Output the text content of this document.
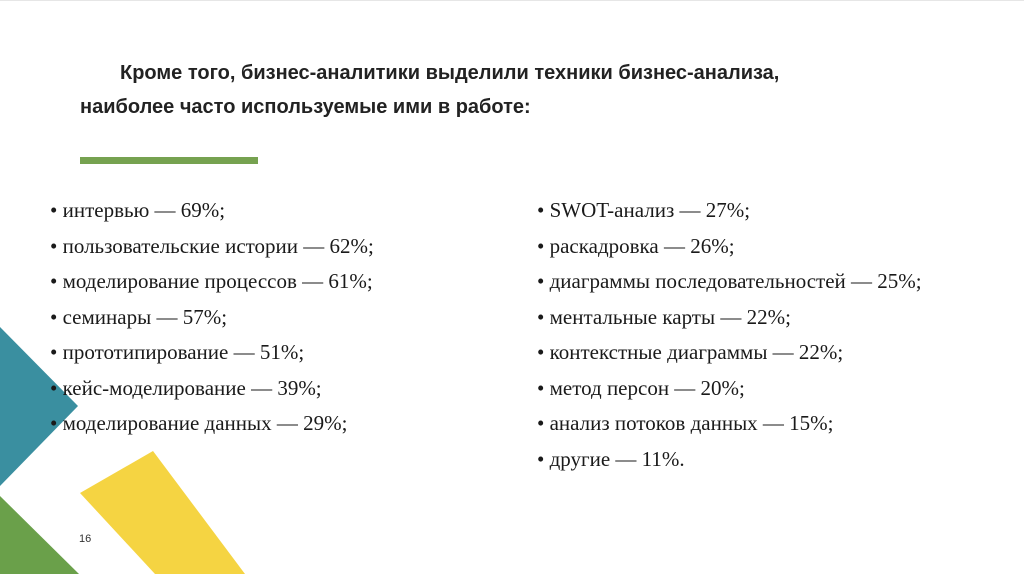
Кроме того, бизнес-аналитики выделили техники бизнес-анализа,
наиболее часто используемые ими в работе:
• интервью — 69%;
• пользовательские истории — 62%;
• моделирование процессов — 61%;
• семинары — 57%;
• прототипирование — 51%;
• кейс-моделирование — 39%;
• моделирование данных — 29%;
• SWOT-анализ — 27%;
• раскадровка — 26%;
• диаграммы последовательностей — 25%;
• ментальные карты — 22%;
• контекстные диаграммы — 22%;
• метод персон — 20%;
• анализ потоков данных — 15%;
• другие — 11%.
16
